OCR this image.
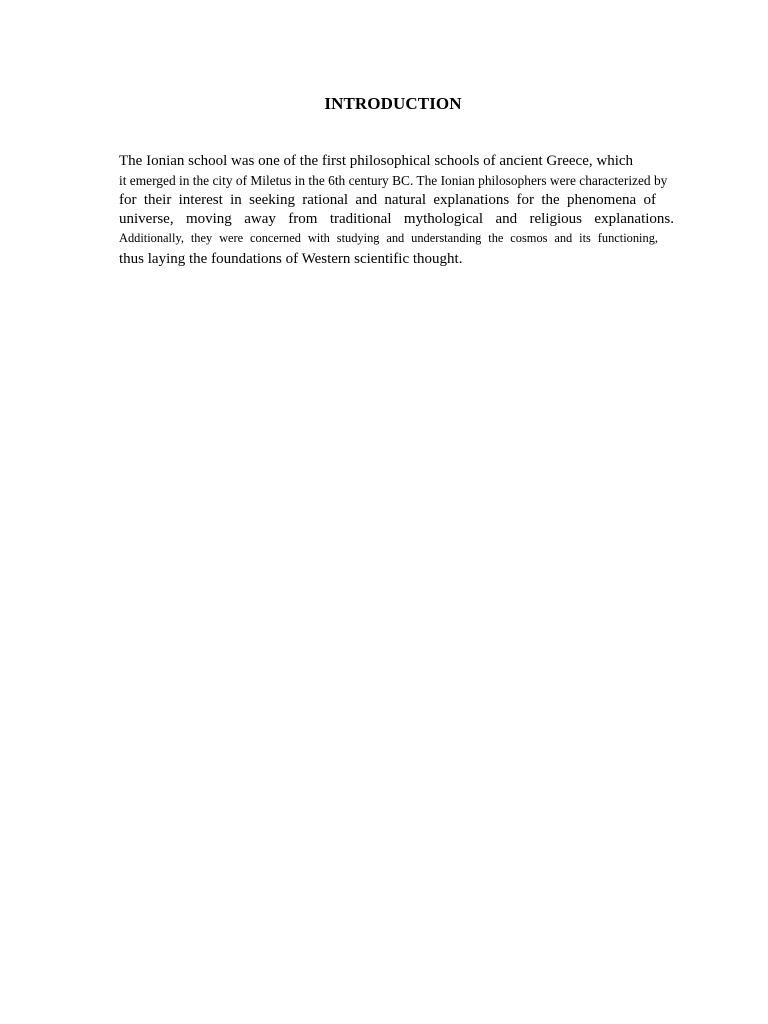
INTRODUCTION
The Ionian school was one of the first philosophical schools of ancient Greece, which
it emerged in the city of Miletus in the 6th century BC. The Ionian philosophers were characterized by
for their interest in seeking rational and natural explanations for the phenomena of
universe, moving away from traditional mythological and religious explanations.
Additionally, they were concerned with studying and understanding the cosmos and its functioning,
thus laying the foundations of Western scientific thought.
